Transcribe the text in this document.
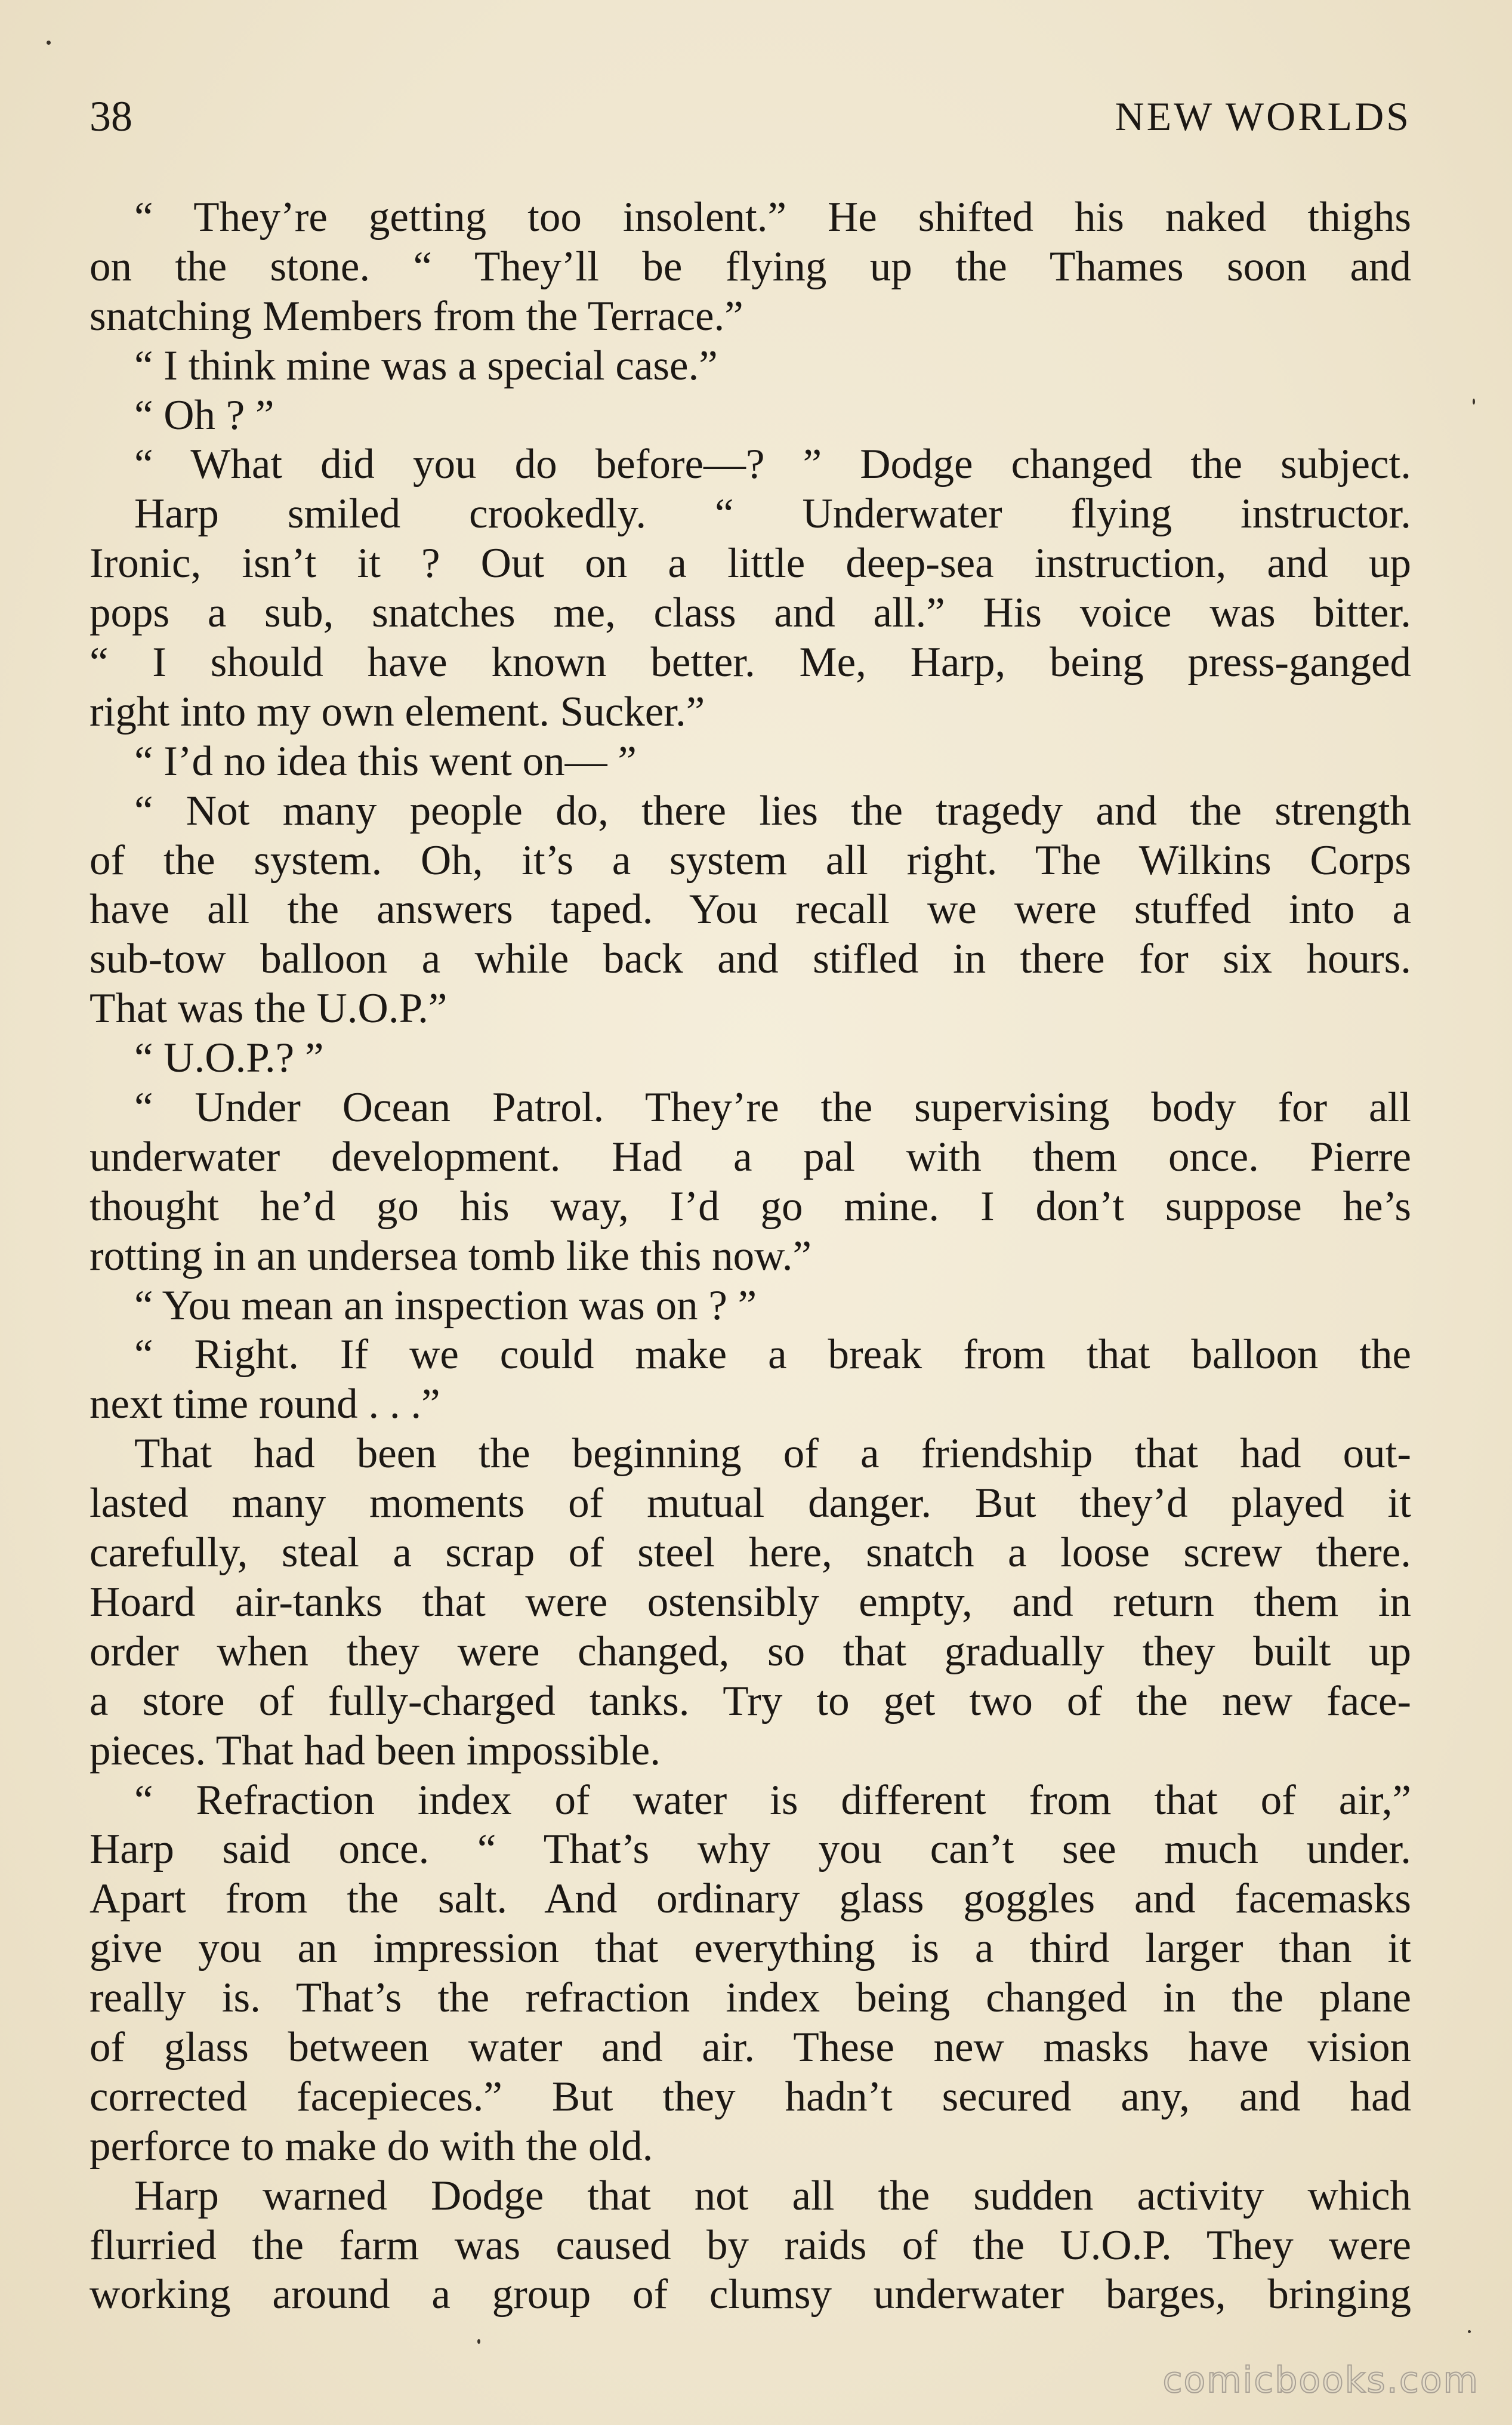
38	NEW WORLDS
“ They’re getting too insolent.” He shifted his naked thighs
on the stone. “ They’ll be flying up the Thames soon and
snatching Members from the Terrace.”
“ I think mine was a special case.”
“ Oh ? ”
“ What did you do before—? ” Dodge changed the subject.
Harp smiled crookedly. “ Underwater flying instructor.
Ironic, isn’t it ? Out on a little deep-sea instruction, and up
pops a sub, snatches me, class and all.” His voice was bitter.
“ I should have known better. Me, Harp, being press-ganged
right into my own element. Sucker.”
“ I’d no idea this went on— ”
“ Not many people do, there lies the tragedy and the strength
of the system. Oh, it’s a system all right. The Wilkins Corps
have all the answers taped. You recall we were stuffed into a
sub-tow balloon a while back and stifled in there for six hours.
That was the U.O.P.”
“ U.O.P.? ”
“ Under Ocean Patrol. They’re the supervising body for all
underwater development. Had a pal with them once. Pierre
thought he’d go his way, I’d go mine. I don’t suppose he’s
rotting in an undersea tomb like this now.”
“ You mean an inspection was on ? ”
“ Right. If we could make a break from that balloon the
next time round . . .”
That had been the beginning of a friendship that had out-
lasted many moments of mutual danger. But they’d played it
carefully, steal a scrap of steel here, snatch a loose screw there.
Hoard air-tanks that were ostensibly empty, and return them in
order when they were changed, so that gradually they built up
a store of fully-charged tanks. Try to get two of the new face-
pieces. That had been impossible.
“ Refraction index of water is different from that of air,”
Harp said once. “ That’s why you can’t see much under.
Apart from the salt. And ordinary glass goggles and facemasks
give you an impression that everything is a third larger than it
really is. That’s the refraction index being changed in the plane
of glass between water and air. These new masks have vision
corrected facepieces.” But they hadn’t secured any, and had
perforce to make do with the old.
Harp warned Dodge that not all the sudden activity which
flurried the farm was caused by raids of the U.O.P. They were
working around a group of clumsy underwater barges, bringing
comicbooks.com
